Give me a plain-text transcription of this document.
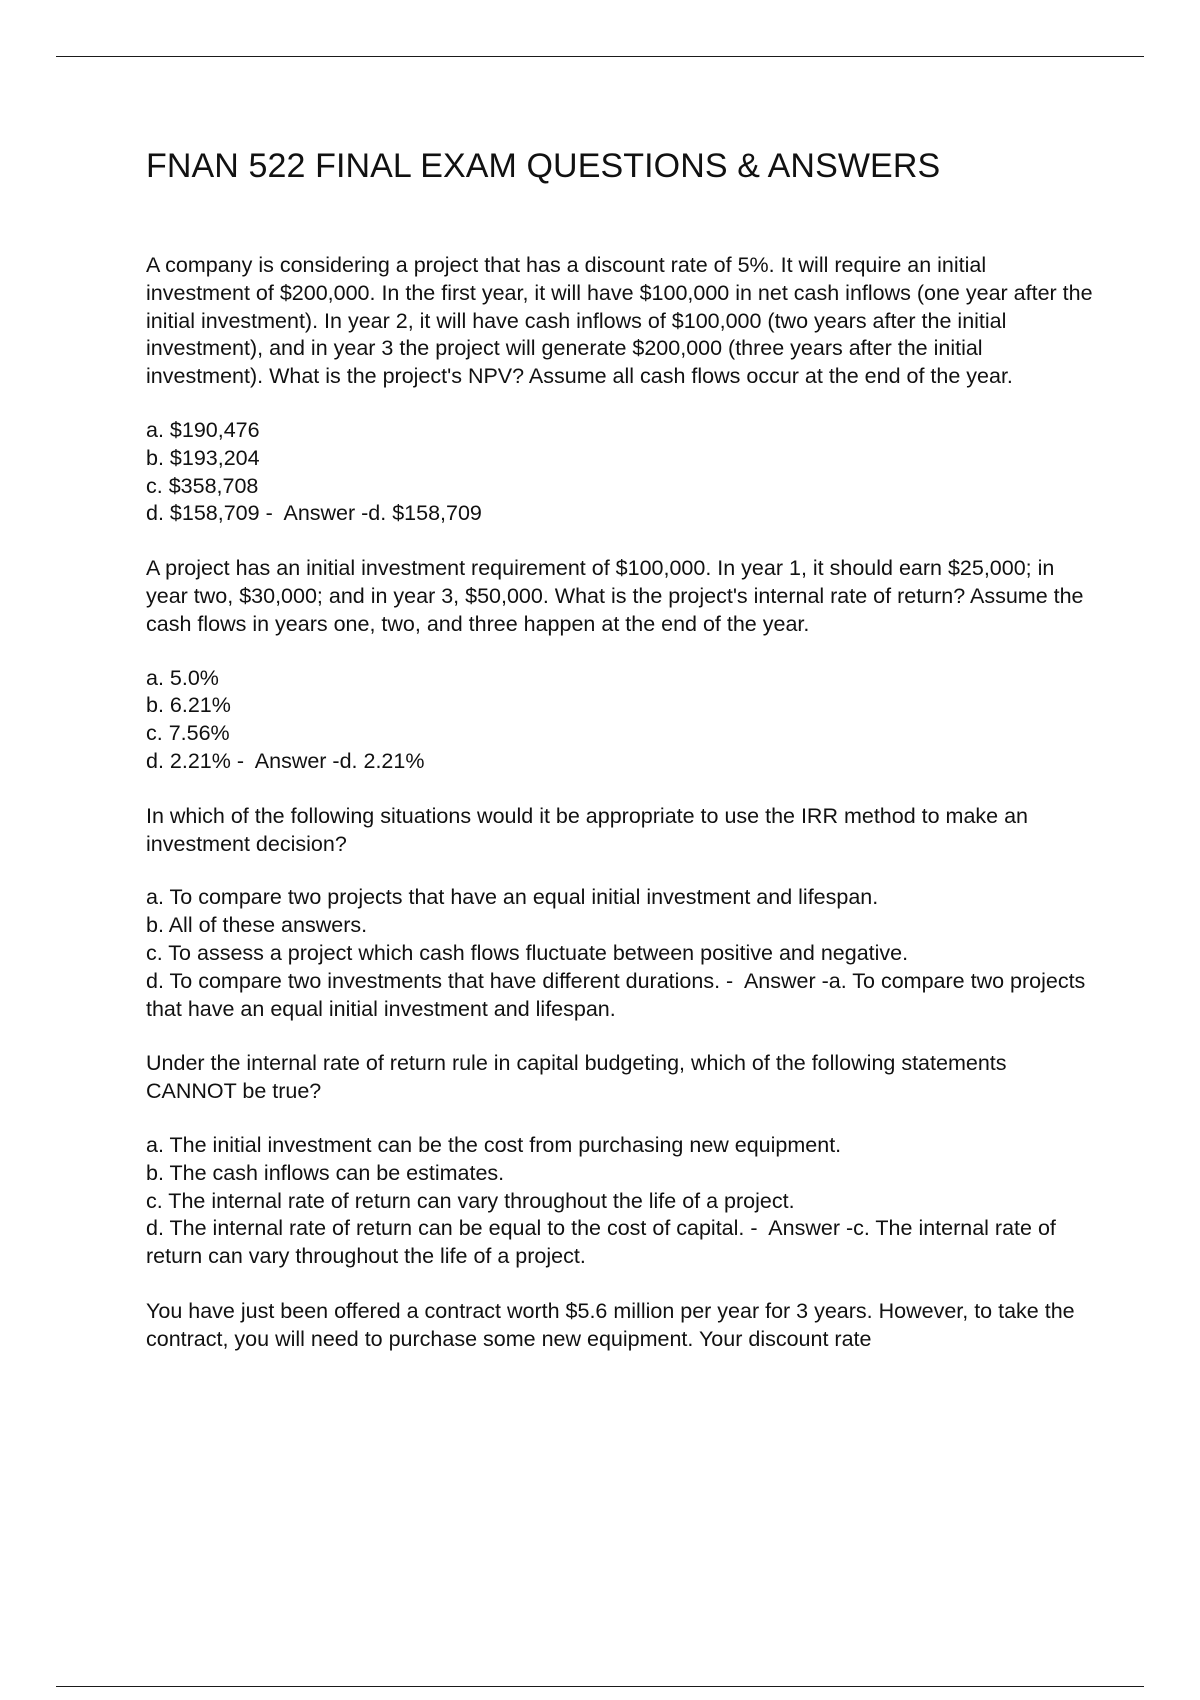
FNAN 522 FINAL EXAM QUESTIONS & ANSWERS

A company is considering a project that has a discount rate of 5%. It will require an initial investment of $200,000. In the first year, it will have $100,000 in net cash inflows (one year after the initial investment). In year 2, it will have cash inflows of $100,000 (two years after the initial investment), and in year 3 the project will generate $200,000 (three years after the initial investment). What is the project's NPV? Assume all cash flows occur at the end of the year.

a. $190,476
b. $193,204
c. $358,708
d. $158,709 -  Answer -d. $158,709

A project has an initial investment requirement of $100,000. In year 1, it should earn $25,000; in year two, $30,000; and in year 3, $50,000. What is the project's internal rate of return? Assume the cash flows in years one, two, and three happen at the end of the year.

a. 5.0%
b. 6.21%
c. 7.56%
d. 2.21% -  Answer -d. 2.21%

In which of the following situations would it be appropriate to use the IRR method to make an investment decision?

a. To compare two projects that have an equal initial investment and lifespan.
b. All of these answers.
c. To assess a project which cash flows fluctuate between positive and negative.
d. To compare two investments that have different durations. -  Answer -a. To compare two projects that have an equal initial investment and lifespan.

Under the internal rate of return rule in capital budgeting, which of the following statements CANNOT be true?

a. The initial investment can be the cost from purchasing new equipment.
b. The cash inflows can be estimates.
c. The internal rate of return can vary throughout the life of a project.
d. The internal rate of return can be equal to the cost of capital. -  Answer -c. The internal rate of return can vary throughout the life of a project.

You have just been offered a contract worth $5.6 million per year for 3 years. However, to take the contract, you will need to purchase some new equipment. Your discount rate
